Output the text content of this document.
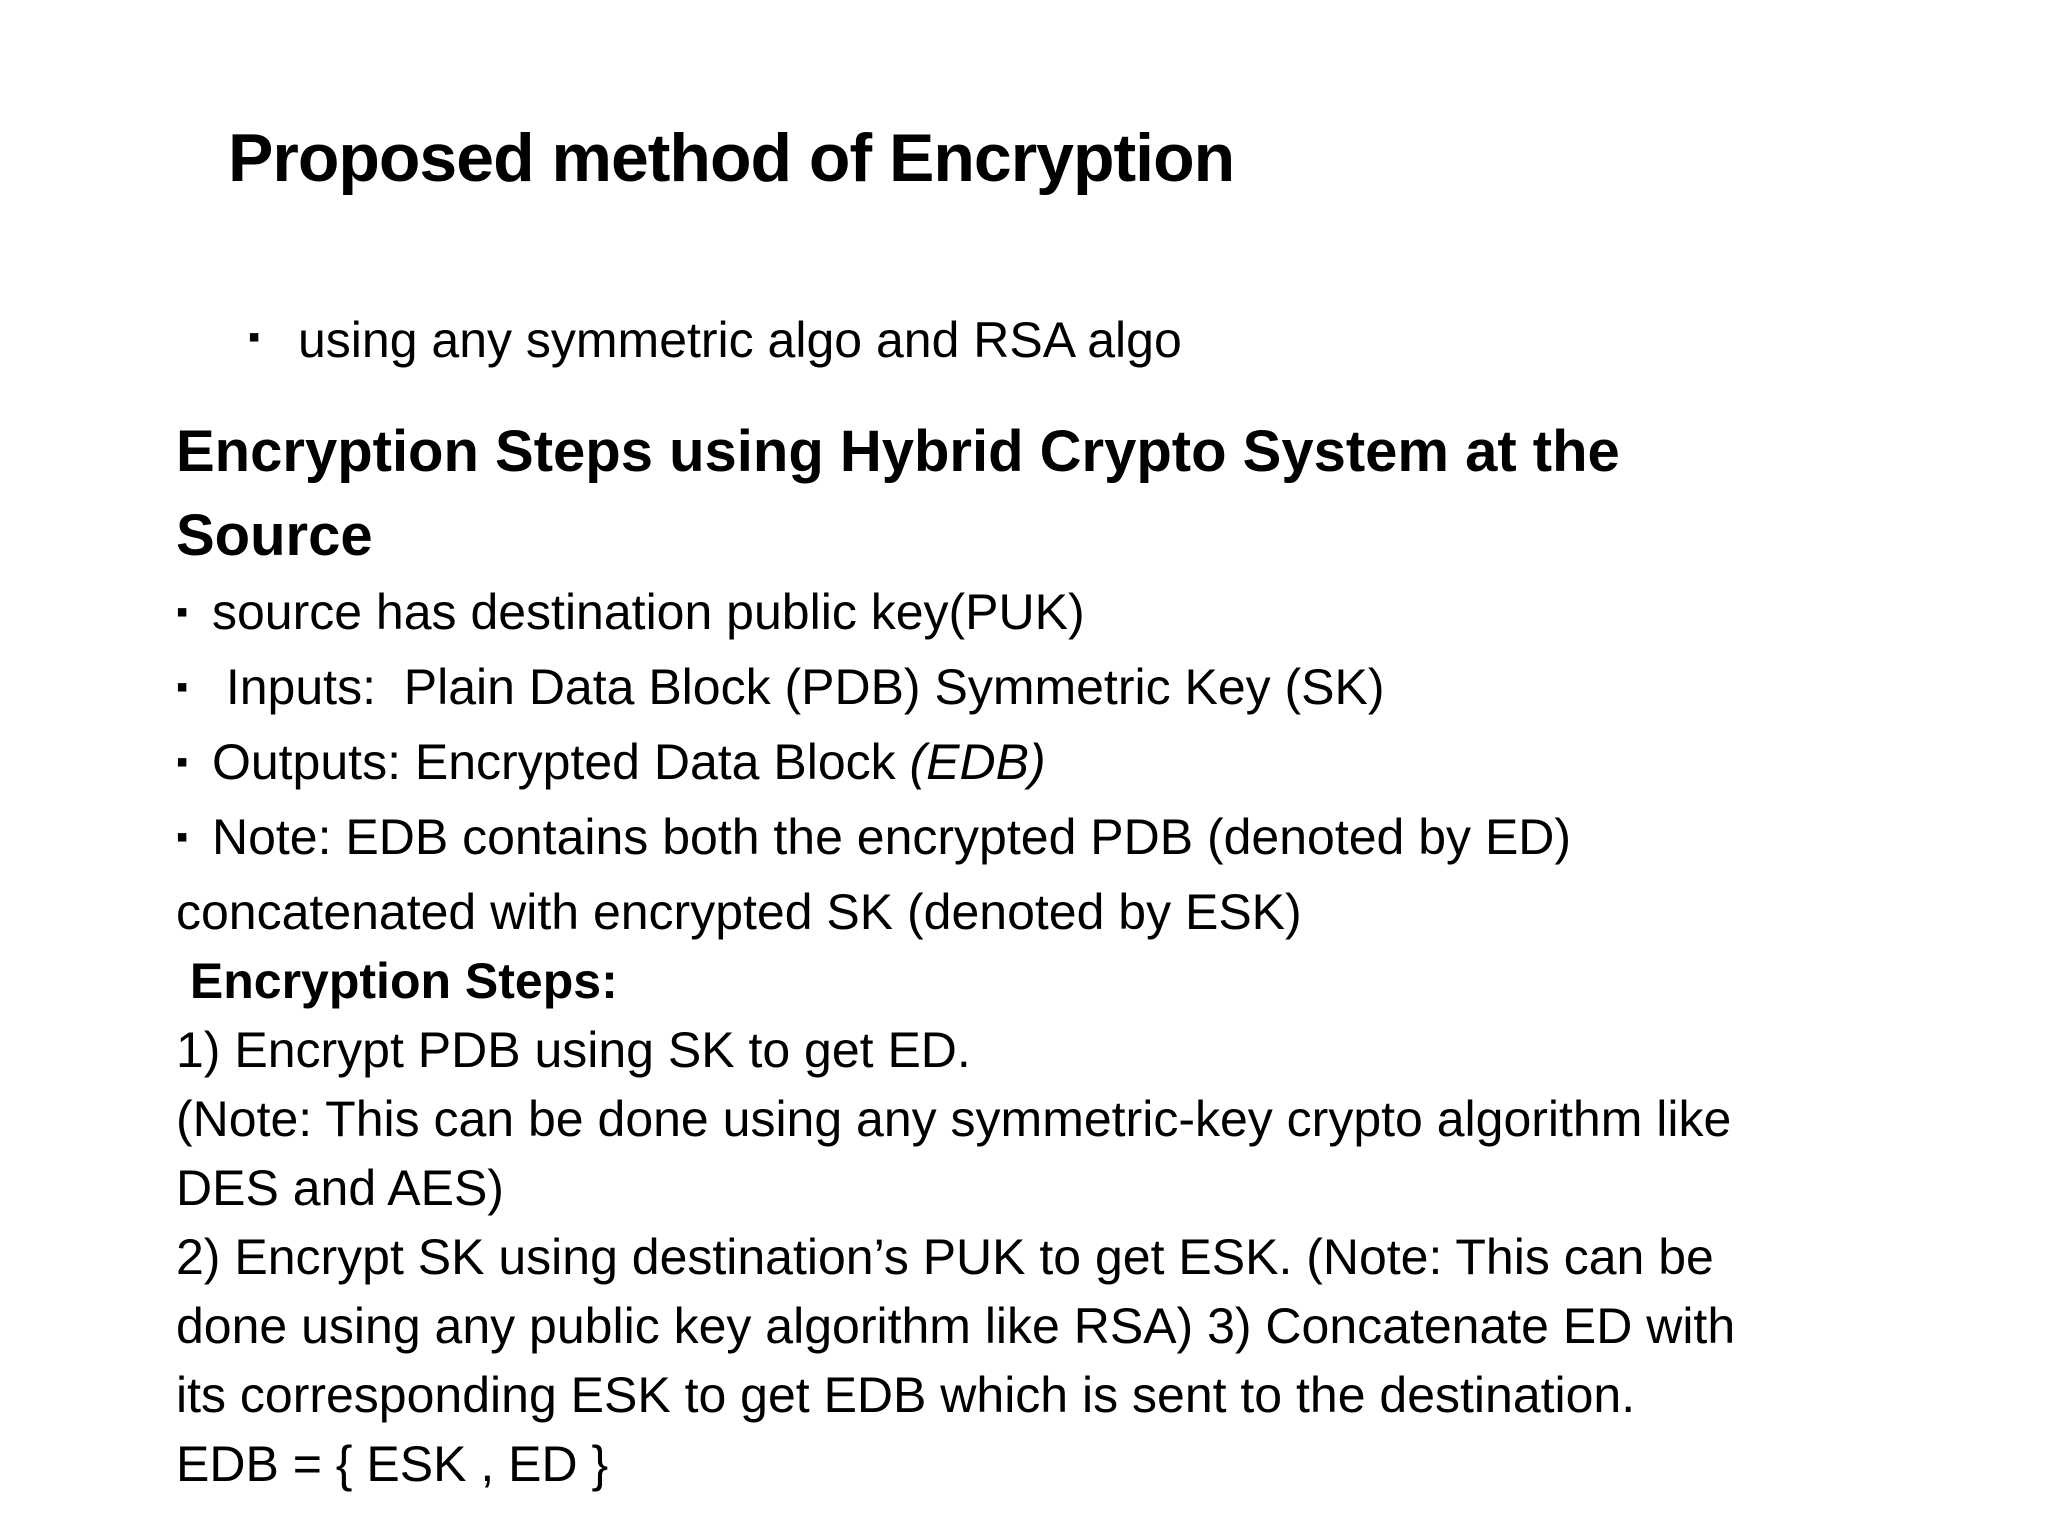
Proposed method of Encryption
▪ using any symmetric algo and RSA algo
Encryption Steps using Hybrid Crypto System at the Source
▪ source has destination public key(PUK)
▪  Inputs:  Plain Data Block (PDB) Symmetric Key (SK)
▪ Outputs: Encrypted Data Block (EDB)
▪ Note: EDB contains both the encrypted PDB (denoted by ED) concatenated with encrypted SK (denoted by ESK)
Encryption Steps:
1) Encrypt PDB using SK to get ED.
(Note: This can be done using any symmetric-key crypto algorithm like DES and AES)
2) Encrypt SK using destination’s PUK to get ESK. (Note: This can be done using any public key algorithm like RSA) 3) Concatenate ED with its corresponding ESK to get EDB which is sent to the destination.
EDB = { ESK , ED }
